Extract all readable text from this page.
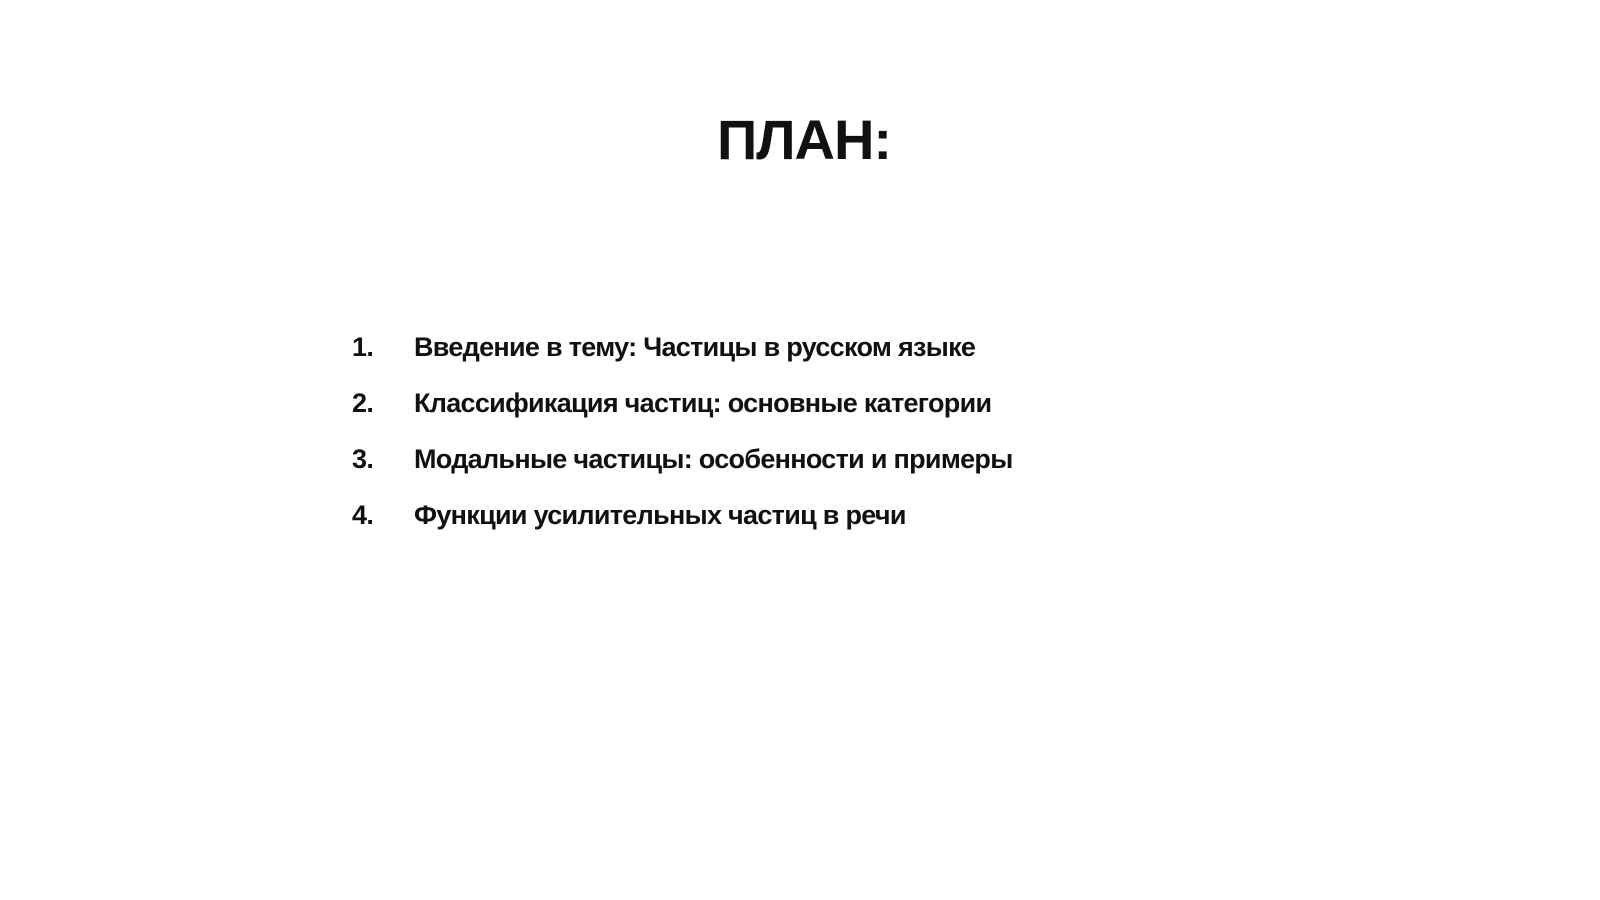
ПЛАН:
1.	Введение в тему: Частицы в русском языке
2.	Классификация частиц: основные категории
3.	Модальные частицы: особенности и примеры
4.	Функции усилительных частиц в речи
